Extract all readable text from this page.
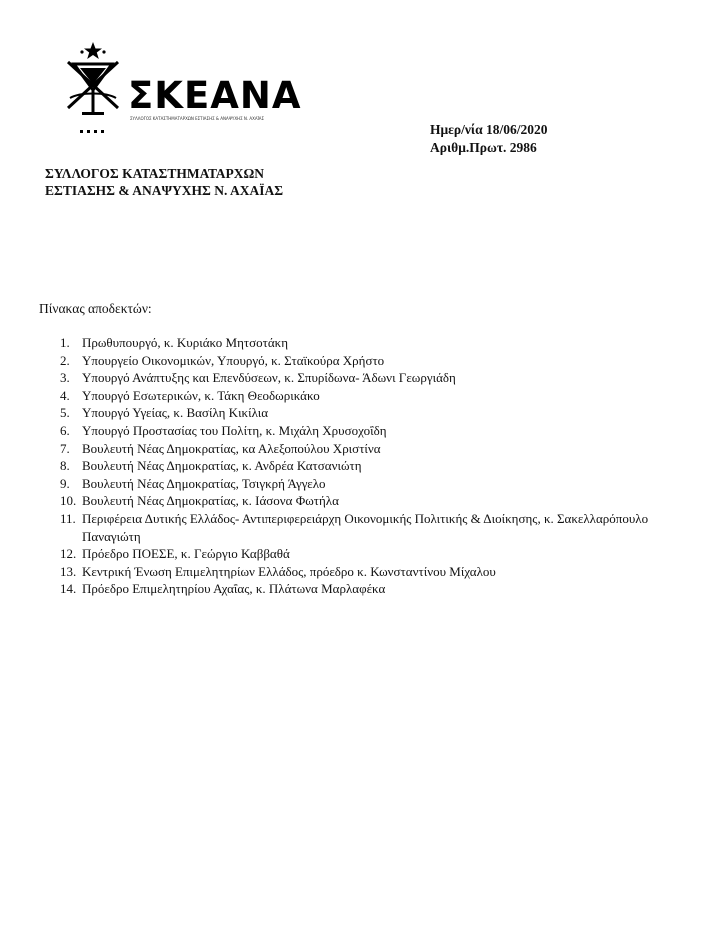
ΣΚΕΑΝΑ
ΣΥΛΛΟΓΟΣ ΚΑΤΑΣΤΗΜΑΤΑΡΧΩΝ ΕΣΤΙΑΣΗΣ & ΑΝΑΨΥΧΗΣ Ν. ΑΧΑΪΑΣ
Ημερ/νία 18/06/2020
Αριθμ.Πρωτ. 2986
ΣΥΛΛΟΓΟΣ ΚΑΤΑΣΤΗΜΑΤΑΡΧΩΝ
ΕΣΤΙΑΣΗΣ & ΑΝΑΨΥΧΗΣ Ν. ΑΧΑΪΑΣ
Πίνακας αποδεκτών:
1. Πρωθυπουργό, κ. Κυριάκο Μητσοτάκη
2. Υπουργείο Οικονομικών, Υπουργό, κ. Σταϊκούρα Χρήστο
3. Υπουργό Ανάπτυξης και Επενδύσεων, κ. Σπυρίδωνα- Άδωνι Γεωργιάδη
4. Υπουργό Εσωτερικών, κ. Τάκη Θεοδωρικάκο
5. Υπουργό Υγείας, κ. Βασίλη Κικίλια
6. Υπουργό Προστασίας του Πολίτη, κ. Μιχάλη Χρυσοχοΐδη
7. Βουλευτή Νέας Δημοκρατίας, κα Αλεξοπούλου Χριστίνα
8. Βουλευτή Νέας Δημοκρατίας, κ. Ανδρέα Κατσανιώτη
9. Βουλευτή Νέας Δημοκρατίας, Τσιγκρή Άγγελο
10. Βουλευτή Νέας Δημοκρατίας, κ. Ιάσονα Φωτήλα
11. Περιφέρεια Δυτικής Ελλάδος- Αντιπεριφερειάρχη Οικονομικής Πολιτικής & Διοίκησης, κ. Σακελλαρόπουλο Παναγιώτη
12. Πρόεδρο ΠΟΕΣΕ, κ. Γεώργιο Καββαθά
13. Κεντρική Ένωση Επιμελητηρίων Ελλάδος, πρόεδρο κ. Κωνσταντίνου Μίχαλου
14. Πρόεδρο Επιμελητηρίου Αχαΐας, κ. Πλάτωνα Μαρλαφέκα
